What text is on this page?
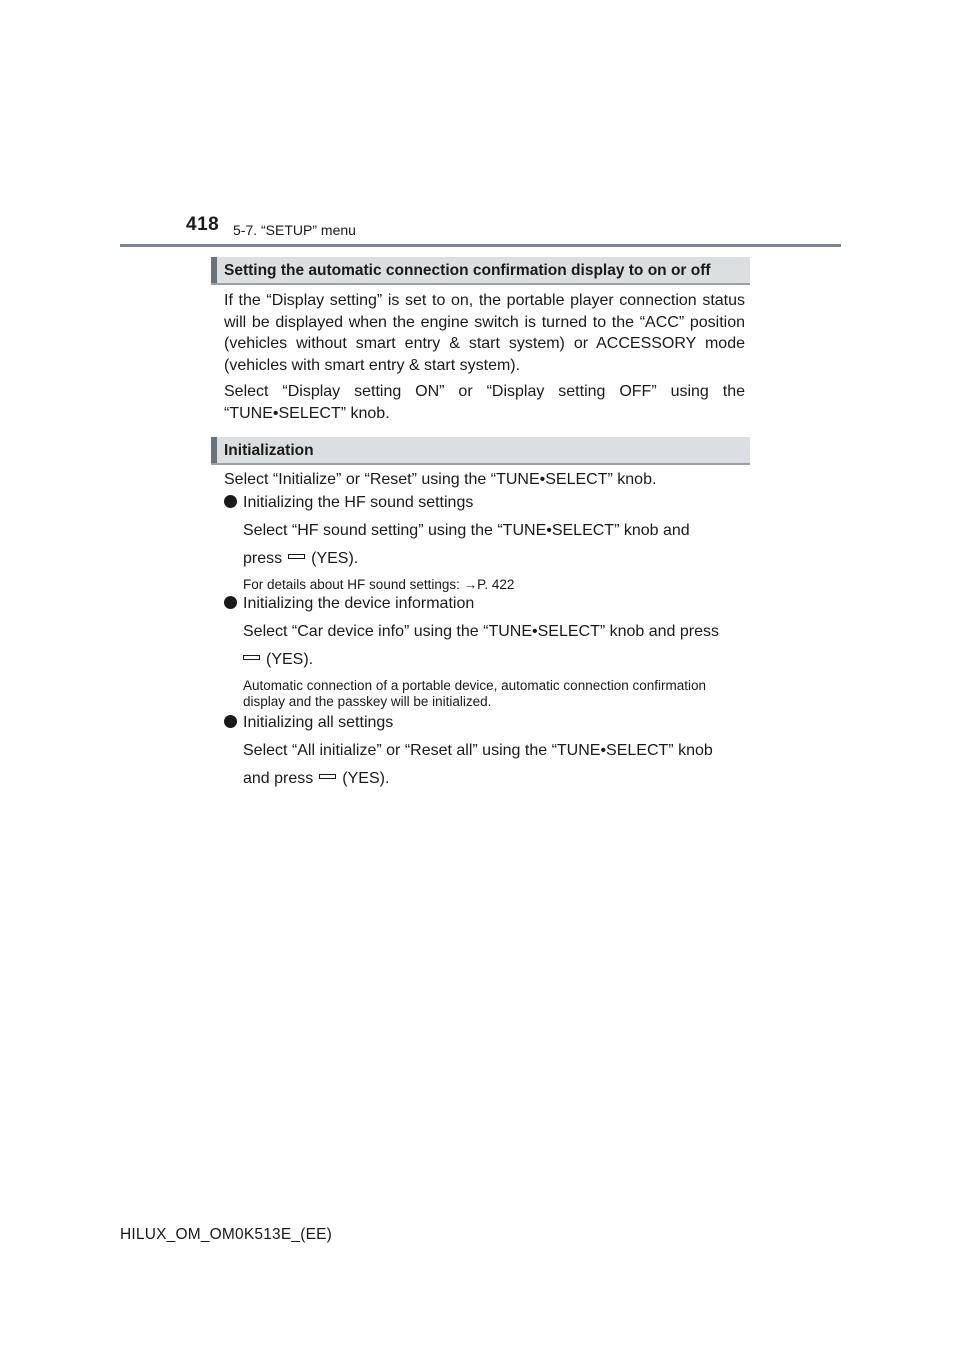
418 5-7. “SETUP” menu
Setting the automatic connection confirmation display to on or off

If the “Display setting” is set to on, the portable player connection status will be displayed when the engine switch is turned to the “ACC” position (vehicles without smart entry & start system) or ACCESSORY mode (vehicles with smart entry & start system).

Select “Display setting ON” or “Display setting OFF” using the “TUNE•SELECT” knob.

Initialization
Select “Initialize” or “Reset” using the “TUNE•SELECT” knob.
Initializing the HF sound settings
Select “HF sound setting” using the “TUNE•SELECT” knob and
press (YES).

For details about HF sound settings: →P. 422

Initializing the device information
Select “Car device info” using the “TUNE•SELECT” knob and press
(YES).

Automatic connection of a portable device, automatic connection confirmation display and the passkey will be initialized.

Initializing all settings
Select “All initialize” or “Reset all” using the “TUNE•SELECT” knob
and press (YES).
HILUX_OM_OM0K513E_(EE)
